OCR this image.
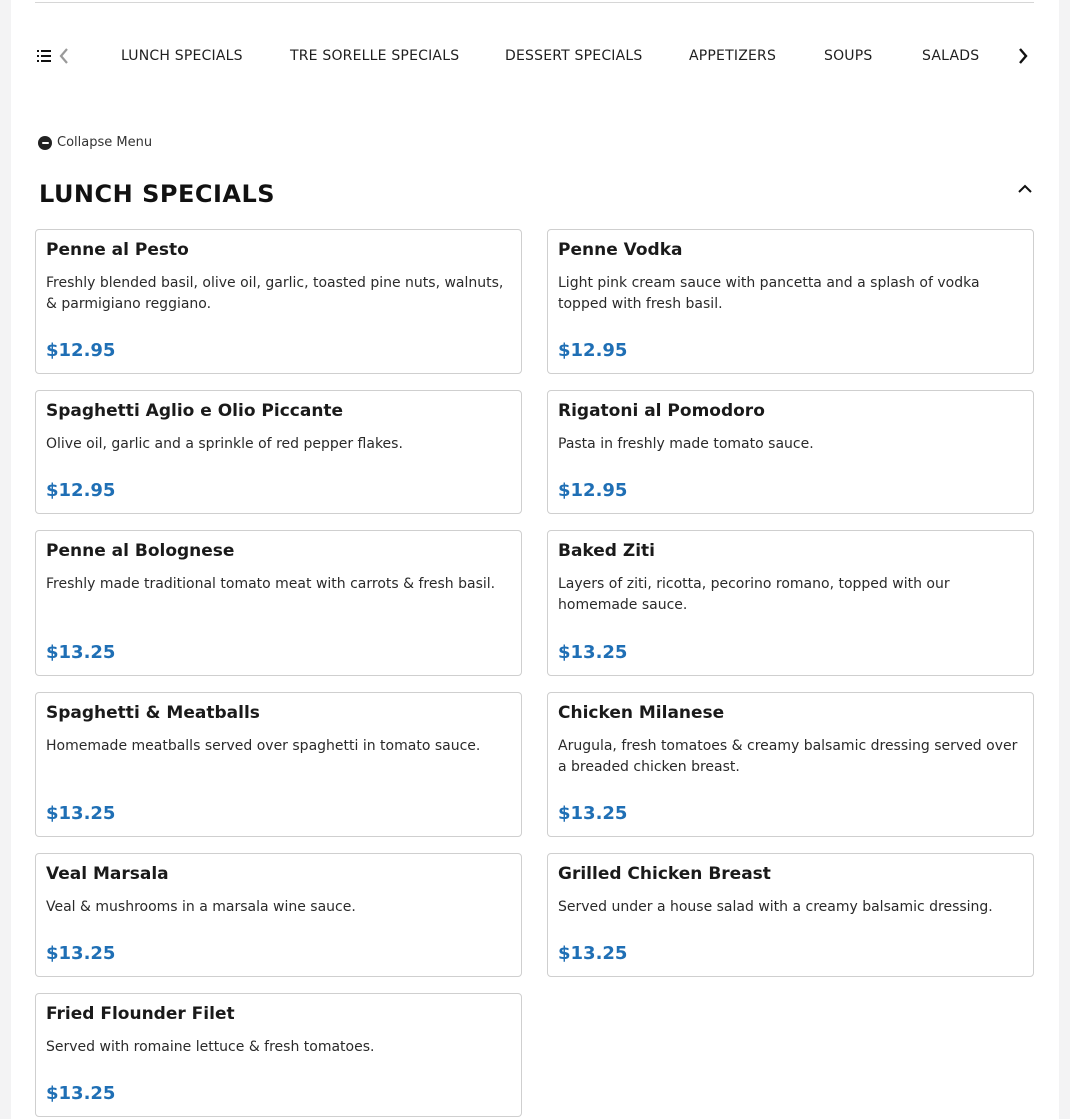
LUNCH SPECIALS	TRE SORELLE SPECIALS	DESSERT SPECIALS	APPETIZERS	SOUPS	SALADS
Collapse Menu
LUNCH SPECIALS
Penne al Pesto
Freshly blended basil, olive oil, garlic, toasted pine nuts, walnuts, & parmigiano reggiano.
$12.95
Penne Vodka
Light pink cream sauce with pancetta and a splash of vodka topped with fresh basil.
$12.95
Spaghetti Aglio e Olio Piccante
Olive oil, garlic and a sprinkle of red pepper flakes.
$12.95
Rigatoni al Pomodoro
Pasta in freshly made tomato sauce.
$12.95
Penne al Bolognese
Freshly made traditional tomato meat with carrots & fresh basil.
$13.25
Baked Ziti
Layers of ziti, ricotta, pecorino romano, topped with our homemade sauce.
$13.25
Spaghetti & Meatballs
Homemade meatballs served over spaghetti in tomato sauce.
$13.25
Chicken Milanese
Arugula, fresh tomatoes & creamy balsamic dressing served over a breaded chicken breast.
$13.25
Veal Marsala
Veal & mushrooms in a marsala wine sauce.
$13.25
Grilled Chicken Breast
Served under a house salad with a creamy balsamic dressing.
$13.25
Fried Flounder Filet
Served with romaine lettuce & fresh tomatoes.
$13.25
